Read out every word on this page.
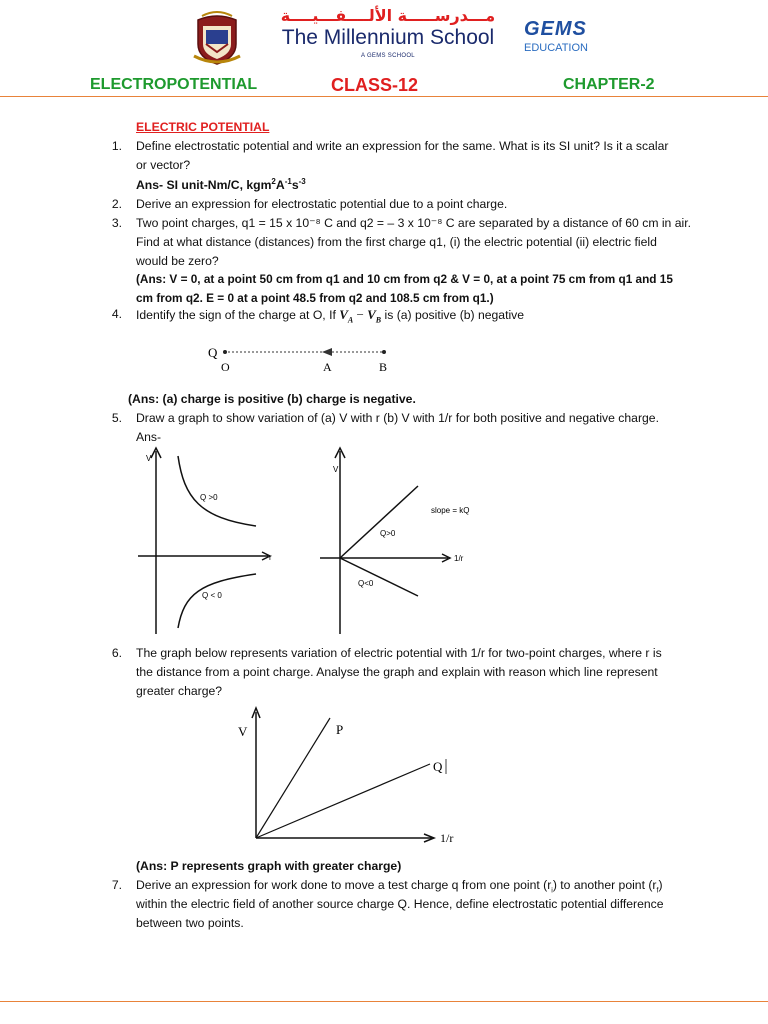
مـــدرســـــة الألــــفـــيــــة
The Millennium School
A GEMS SCHOOL
GEMS
EDUCATION
ELECTROPOTENTIAL	CLASS-12	CHAPTER-2
ELECTRIC POTENTIAL
1. Define electrostatic potential and write an expression for the same. What is its SI unit? Is it a scalar
or vector?
Ans- SI unit-Nm/C, $kgm^2A^{-1}s^{-3}$
2. Derive an expression for electrostatic potential due to a point charge.
3. Two point charges, q1 = 15 x 10⁻⁸ C and q2 = – 3 x 10⁻⁸ C are separated by a distance of 60 cm in air.
Find at what distance (distances) from the first charge q1, (i) the electric potential (ii) electric field
would be zero?
(Ans: V = 0, at a point 50 cm from q1 and 10 cm from q2 & V = 0, at a point 75 cm from q1 and 15
cm from q2. E = 0 at a point 48.5 from q2 and 108.5 cm from q1.)
4. Identify the sign of the charge at O, If $V_A - V_B$ is (a) positive (b) negative
Q
O	A	B
(Ans: (a) charge is positive (b) charge is negative.
5. Draw a graph to show variation of (a) V with r (b) V with 1/r for both positive and negative charge.
Ans-
V
r
Q >0
Q < 0
V
1/r
slope = kQ
Q>0
Q<0
6. The graph below represents variation of electric potential with 1/r for two-point charges, where r is
the distance from a point charge. Analyse the graph and explain with reason which line represent
greater charge?
V	P
Q
1/r
(Ans: P represents graph with greater charge)
7. Derive an expression for work done to move a test charge q from one point $(r_i)$ to another point $(r_f)$
within the electric field of another source charge Q. Hence, define electrostatic potential difference
between two points.
